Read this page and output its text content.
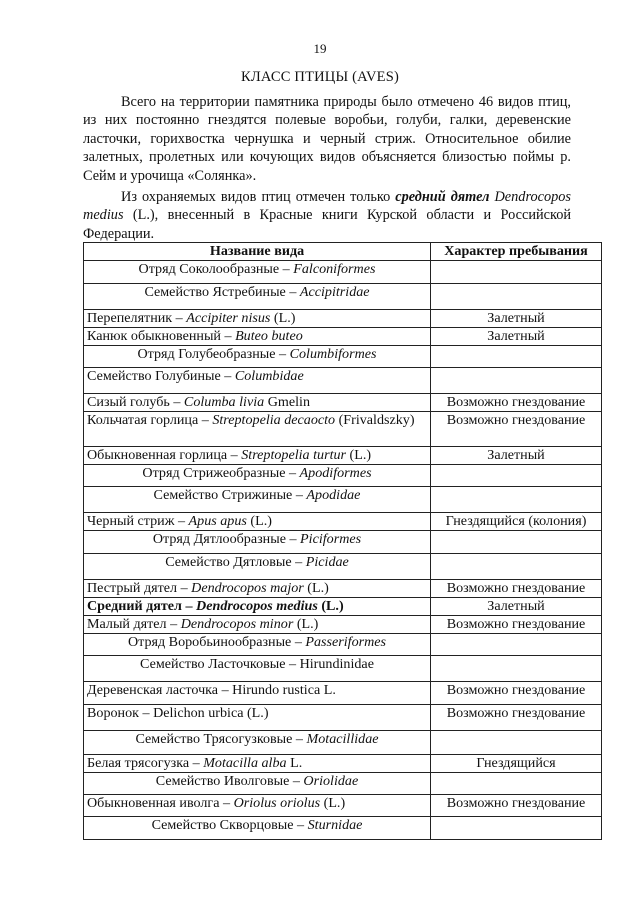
19
КЛАСС ПТИЦЫ (AVES)

Всего на территории памятника природы было отмечено 46 видов птиц, из них постоянно гнездятся полевые воробьи, голуби, галки, деревенские ласточки, горихвостка чернушка и черный стриж. Относительное обилие залетных, пролетных или кочующих видов объясняется близостью поймы р. Сейм и урочища «Солянка».

Из охраняемых видов птиц отмечен только средний дятел Dendrocopos medius (L.), внесенный в Красные книги Курской области и Российской Федерации.

Название вида	Характер пребывания
Отряд Соколообразные – Falconiformes	
Семейство Ястребиные – Accipitridae	
Перепелятник – Accipiter nisus (L.)	Залетный
Канюк обыкновенный – Buteo buteo	Залетный
Отряд Голубеобразные – Columbiformes	
Семейство Голубиные – Columbidae	
Сизый голубь – Columba livia Gmelin	Возможно гнездование
Кольчатая горлица – Streptopelia decaocto (Frivaldszky)	Возможно гнездование
Обыкновенная горлица – Streptopelia turtur (L.)	Залетный
Отряд Стрижеобразные – Apodiformes	
Семейство Стрижиные – Apodidae	
Черный стриж – Apus apus (L.)	Гнездящийся (колония)
Отряд Дятлообразные – Piciformes	
Семейство Дятловые – Picidae	
Пестрый дятел – Dendrocopos major (L.)	Возможно гнездование
Средний дятел – Dendrocopos medius (L.)	Залетный
Малый дятел – Dendrocopos minor (L.)	Возможно гнездование
Отряд Воробьинообразные – Passeriformes	
Семейство Ласточковые – Hirundinidae	
Деревенская ласточка – Hirundo rustica L.	Возможно гнездование
Воронок – Delichon urbica (L.)	Возможно гнездование
Семейство Трясогузковые – Motacillidae	
Белая трясогузка – Motacilla alba L.	Гнездящийся
Семейство Иволговые – Oriolidae	
Обыкновенная иволга – Oriolus oriolus (L.)	Возможно гнездование
Семейство Скворцовые – Sturnidae	
